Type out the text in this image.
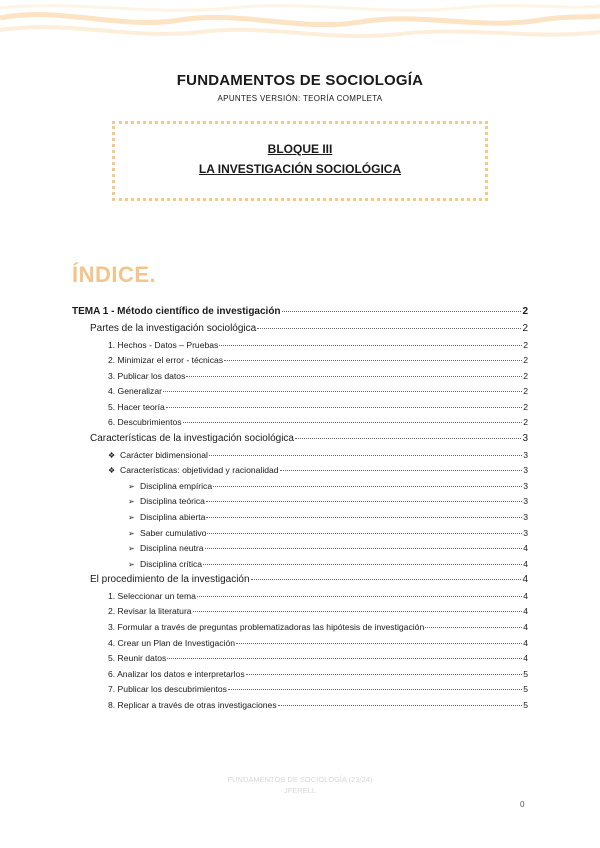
FUNDAMENTOS DE SOCIOLOGÍA
APUNTES VERSIÓN: TEORÍA COMPLETA
BLOQUE III
LA INVESTIGACIÓN SOCIOLÓGICA
ÍNDICE.
TEMA 1 - Método científico de investigación	2
Partes de la investigación sociológica	2
1. Hechos - Datos – Pruebas	2
2. Minimizar el error - técnicas	2
3. Publicar los datos	2
4. Generalizar	2
5. Hacer teoría	2
6. Descubrimientos	2
Características de la investigación sociológica	3
❖ Carácter bidimensional	3
❖ Características: objetividad y racionalidad	3
➢ Disciplina empírica	3
➢ Disciplina teórica	3
➢ Disciplina abierta	3
➢ Saber cumulativo	3
➢ Disciplina neutra	4
➢ Disciplina crítica	4
El procedimiento de la investigación	4
1. Seleccionar un tema	4
2. Revisar la literatura	4
3. Formular a través de preguntas problematizadoras las hipótesis de investigación	4
4. Crear un Plan de Investigación	4
5. Reunir datos	4
6. Analizar los datos e interpretarlos	5
7. Publicar los descubrimientos	5
8. Replicar a través de otras investigaciones	5
FUNDAMENTOS DE SOCIOLOGÍA (23/24)
JFERELL
0
